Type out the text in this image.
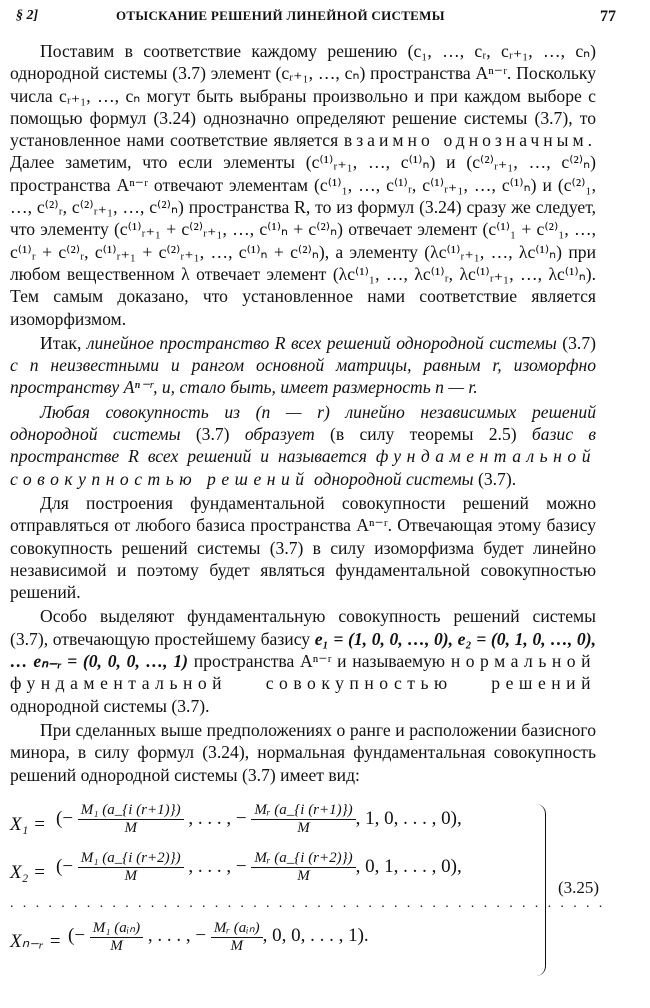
§ 2]	ОТЫСКАНИЕ РЕШЕНИЙ ЛИНЕЙНОЙ СИСТЕМЫ	77

Поставим в соответствие каждому решению (c₁, …, cᵣ, cᵣ₊₁, …, cₙ) однородной системы (3.7) элемент (cᵣ₊₁, …, cₙ) пространства Aⁿ⁻ʳ. Поскольку числа cᵣ₊₁, …, cₙ могут быть выбраны произвольно и при каждом выборе с помощью формул (3.24) однозначно определяют решение системы (3.7), то установленное нами соответствие является взаимно однозначным. Далее заметим, что если элементы (c⁽¹⁾ᵣ₊₁, …, c⁽¹⁾ₙ) и (c⁽²⁾ᵣ₊₁, …, c⁽²⁾ₙ) пространства Aⁿ⁻ʳ отвечают элементам (c⁽¹⁾₁, …, c⁽¹⁾ᵣ, c⁽¹⁾ᵣ₊₁, …, c⁽¹⁾ₙ) и (c⁽²⁾₁, …, c⁽²⁾ᵣ, c⁽²⁾ᵣ₊₁, …, c⁽²⁾ₙ) пространства R, то из формул (3.24) сразу же следует, что элементу (c⁽¹⁾ᵣ₊₁ + c⁽²⁾ᵣ₊₁, …, c⁽¹⁾ₙ + c⁽²⁾ₙ) отвечает элемент (c⁽¹⁾₁ + c⁽²⁾₁, …, c⁽¹⁾ᵣ + c⁽²⁾ᵣ, c⁽¹⁾ᵣ₊₁ + c⁽²⁾ᵣ₊₁, …, c⁽¹⁾ₙ + c⁽²⁾ₙ), а элементу (λc⁽¹⁾ᵣ₊₁, …, λc⁽¹⁾ₙ) при любом вещественном λ отвечает элемент (λc⁽¹⁾₁, …, λc⁽¹⁾ᵣ, λc⁽¹⁾ᵣ₊₁, …, λc⁽¹⁾ₙ). Тем самым доказано, что установленное нами соответствие является изоморфизмом.

Итак, линейное пространство R всех решений однородной системы (3.7) с n неизвестными и рангом основной матрицы, равным r, изоморфно пространству Aⁿ⁻ʳ, и, стало быть, имеет размерность n — r.

Любая совокупность из (n — r) линейно независимых решений однородной системы (3.7) образует (в силу теоремы 2.5) базис в пространстве R всех решений и называется фундаментальной совокупностью решений однородной системы (3.7).

Для построения фундаментальной совокупности решений можно отправляться от любого базиса пространства Aⁿ⁻ʳ. Отвечающая этому базису совокупность решений системы (3.7) в силу изоморфизма будет линейно независимой и поэтому будет являться фундаментальной совокупностью решений.

Особо выделяют фундаментальную совокупность решений системы (3.7), отвечающую простейшему базису e₁ = (1, 0, 0, …, 0), e₂ = (0, 1, 0, …, 0), … eₙ₋ᵣ = (0, 0, 0, …, 1) пространства Aⁿ⁻ʳ и называемую нормальной фундаментальной совокупностью решений однородной системы (3.7).

При сделанных выше предположениях о ранге и расположении базисного минора, в силу формул (3.24), нормальная фундаментальная совокупность решений однородной системы (3.7) имеет вид:

X₁ = (− $\frac{\text{M₁ (a\_\{i (r+1)\})}}{M}$ , . . . , − $\frac{\text{Mᵣ (a\_\{i (r+1)\})}}{M}$ , 1, 0, . . . , 0),
X₂ = (− $\frac{\text{M₁ (a\_\{i (r+2)\})}}{M}$ , . . . , − $\frac{\text{Mᵣ (a\_\{i (r+2)\})}}{M}$ , 0, 1, . . . , 0),
...............................................
Xₙ₋ᵣ = (− $\frac{\text{M₁ (aᵢₙ)}}{M}$ , . . . , − $\frac{\text{Mᵣ (aᵢₙ)}}{M}$ , 0, 0, . . . , 1).
(3.25)
